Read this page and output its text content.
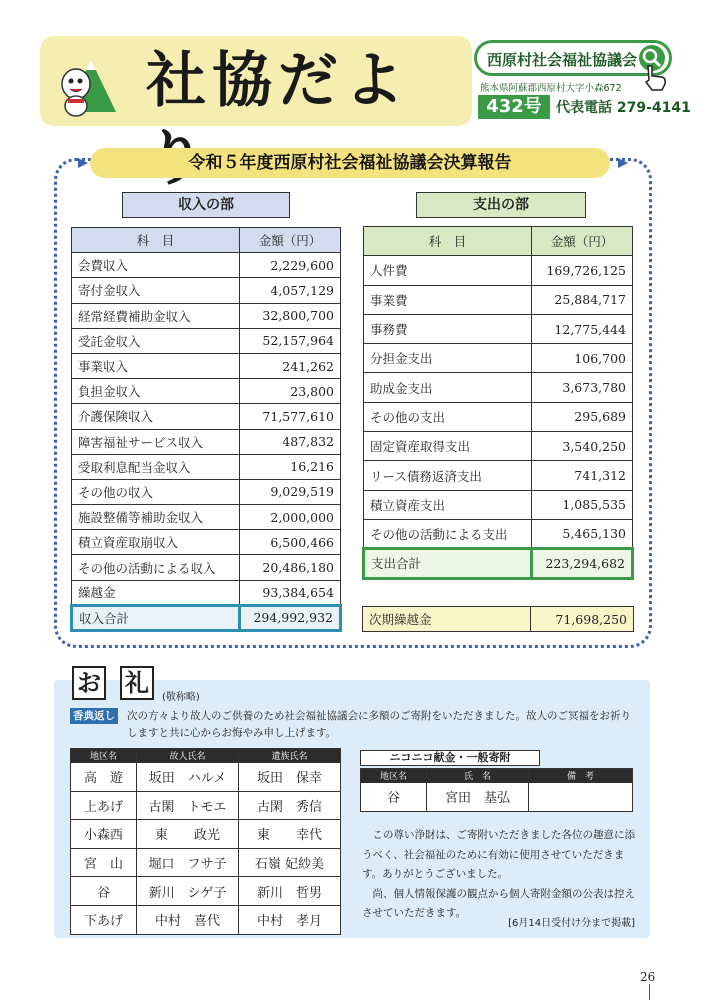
社協だよ	西原村社会福祉協議会
熊本県阿蘇郡西原村大字小森672
432号	代表電話 279-4141
令和５年度西原村社会福祉協議会決算報告
収入の部	支出の部
科　目	金額（円）
会費収入	2,229,600
寄付金収入	4,057,129
経常経費補助金収入	32,800,700
受託金収入	52,157,964
事業収入	241,262
負担金収入	23,800
介護保険収入	71,577,610
障害福祉サービス収入	487,832
受取利息配当金収入	16,216
その他の収入	9,029,519
施設整備等補助金収入	2,000,000
積立資産取崩収入	6,500,466
その他の活動による収入	20,486,180
繰越金	93,384,654
収入合計	294,992,932
科　目	金額（円）
人件費	169,726,125
事業費	25,884,717
事務費	12,775,444
分担金支出	106,700
助成金支出	3,673,780
その他の支出	295,689
固定資産取得支出	3,540,250
リース債務返済支出	741,312
積立資産支出	1,085,535
その他の活動による支出	5,465,130
支出合計	223,294,682
次期繰越金	71,698,250
お 礼
(敬称略)
香典返し 次の方々より故人のご供養のため社会福祉協議会に多額のご寄附をいただきました。故人のご冥福をお祈りしますと共に心からお悔やみ申し上げます。
地区名	故人氏名	遺族氏名
高　遊	坂田　ハルメ	坂田　保幸
上あげ	古閑　トモエ	古閑　秀信
小森西	東　　政光	東　　幸代
宮　山	堀口　フサ子	石嶺 妃紗美
谷	新川　シゲ子	新川　哲男
下あげ	中村　喜代	中村　孝月
ニコニコ献金・一般寄附
地区名	氏　名	備　考
谷	宮田　基弘	

この尊い浄財は、ご寄附いただきました各位の趣意に添うべく、社会福祉のために有効に使用させていただきます。ありがとうございました。

尚、個人情報保護の観点から個人寄附金額の公表は控えさせていただきます。

[6月14日受付け分まで掲載]
26
